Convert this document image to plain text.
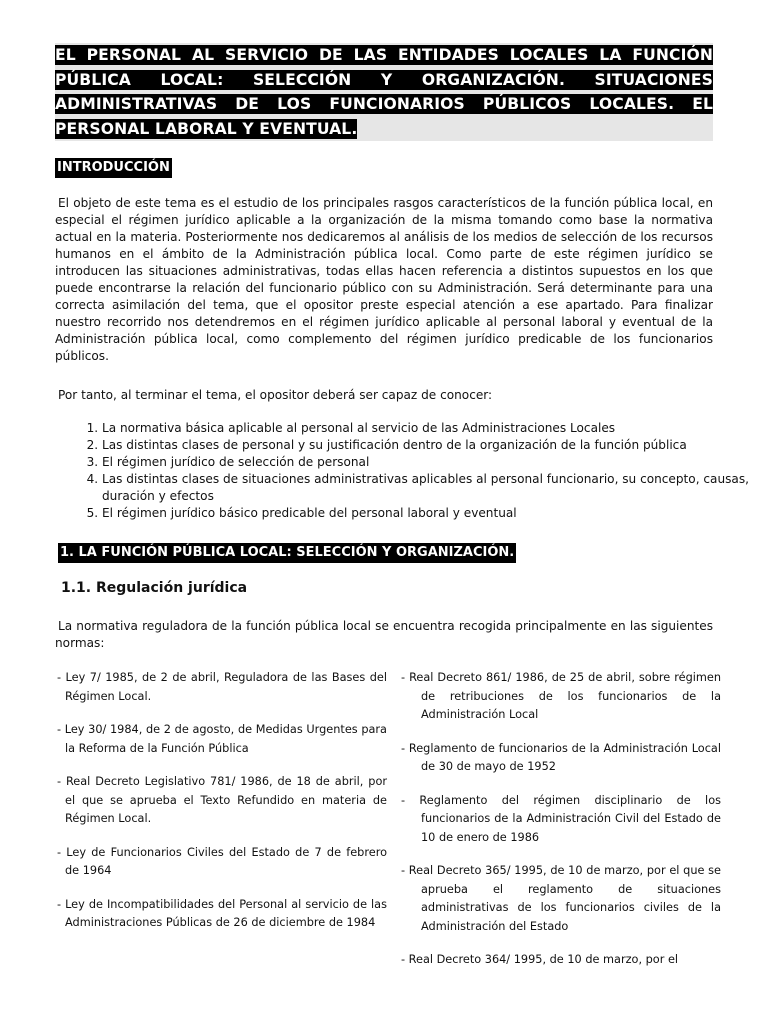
EL PERSONAL AL SERVICIO DE LAS ENTIDADES LOCALES LA FUNCIÓN PÚBLICA LOCAL: SELECCIÓN Y ORGANIZACIÓN. SITUACIONES ADMINISTRATIVAS DE LOS FUNCIONARIOS PÚBLICOS LOCALES. EL PERSONAL LABORAL Y EVENTUAL.

INTRODUCCIÓN

El objeto de este tema es el estudio de los principales rasgos característicos de la función pública local, en especial el régimen jurídico aplicable a la organización de la misma tomando como base la normativa actual en la materia. Posteriormente nos dedicaremos al análisis de los medios de selección de los recursos humanos en el ámbito de la Administración pública local. Como parte de este régimen jurídico se introducen las situaciones administrativas, todas ellas hacen referencia a distintos supuestos en los que puede encontrarse la relación del funcionario público con su Administración. Será determinante para una correcta asimilación del tema, que el opositor preste especial atención a ese apartado. Para finalizar nuestro recorrido nos detendremos en el régimen jurídico aplicable al personal laboral y eventual de la Administración pública local, como complemento del régimen jurídico predicable de los funcionarios públicos.

Por tanto, al terminar el tema, el opositor deberá ser capaz de conocer:

1. La normativa básica aplicable al personal al servicio de las Administraciones Locales
2. Las distintas clases de personal y su justificación dentro de la organización de la función pública
3. El régimen jurídico de selección de personal
4. Las distintas clases de situaciones administrativas aplicables al personal funcionario, su concepto, causas, duración y efectos
5. El régimen jurídico básico predicable del personal laboral y eventual
1. LA FUNCIÓN PÚBLICA LOCAL: SELECCIÓN Y ORGANIZACIÓN.
1.1. Regulación jurídica

La normativa reguladora de la función pública local se encuentra recogida principalmente en las siguientes normas:

- Ley 7/ 1985, de 2 de abril, Reguladora de las Bases del Régimen Local.

- Ley 30/ 1984, de 2 de agosto, de Medidas Urgentes para la Reforma de la Función Pública

- Real Decreto Legislativo 781/ 1986, de 18 de abril, por el que se aprueba el Texto Refundido en materia de Régimen Local.

- Ley de Funcionarios Civiles del Estado de 7 de febrero de 1964

- Ley de Incompatibilidades del Personal al servicio de las Administraciones Públicas de 26 de diciembre de 1984

- Real Decreto 861/ 1986, de 25 de abril, sobre régimen de retribuciones de los funcionarios de la Administración Local

- Reglamento de funcionarios de la Administración Local de 30 de mayo de 1952

- Reglamento del régimen disciplinario de los funcionarios de la Administración Civil del Estado de 10 de enero de 1986

- Real Decreto 365/ 1995, de 10 de marzo, por el que se aprueba el reglamento de situaciones administrativas de los funcionarios civiles de la Administración del Estado

- Real Decreto 364/ 1995, de 10 de marzo, por el
